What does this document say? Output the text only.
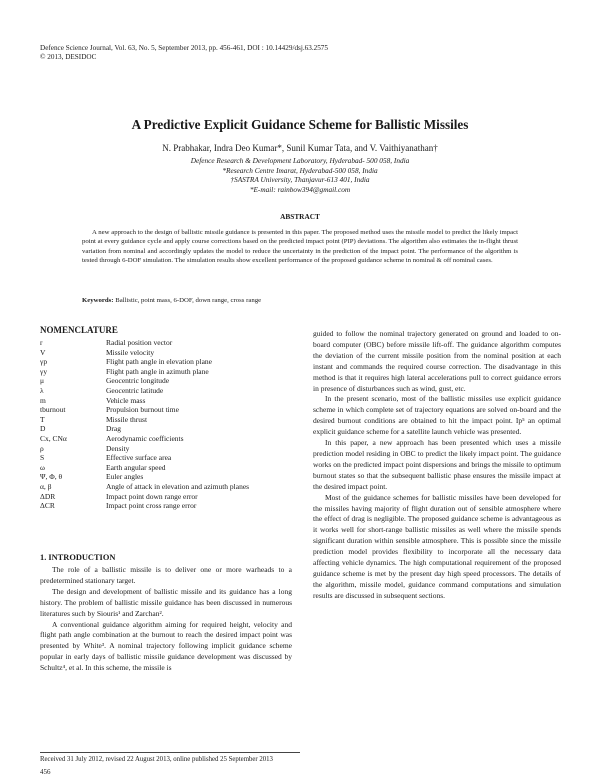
Defence Science Journal, Vol. 63, No. 5, September 2013, pp. 456-461, DOI : 10.14429/dsj.63.2575
© 2013, DESIDOC
A Predictive Explicit Guidance Scheme for Ballistic Missiles
N. Prabhakar, Indra Deo Kumar*, Sunil Kumar Tata, and V. Vaithiyanathan†
Defence Research & Development Laboratory, Hyderabad- 500 058, India
*Research Centre Imarat, Hyderabad-500 058, India
†SASTRA University, Thanjavur-613 401, India
*E-mail: rainbow394@gmail.com
ABSTRACT
A new approach to the design of ballistic missile guidance is presented in this paper. The proposed method uses the missile model to predict the likely impact point at every guidance cycle and apply course corrections based on the predicted impact point (PIP) deviations. The algorithm also estimates the in-flight thrust variation from nominal and accordingly updates the model to reduce the uncertainty in the prediction of the impact point. The performance of the algorithm is tested through 6-DOF simulation. The simulation results show excellent performance of the proposed guidance scheme in nominal & off nominal cases.
Keywords: Ballistic, point mass, 6-DOF, down range, cross range
NOMENCLATURE
r	Radial position vector
V	Missile velocity
γp	Flight path angle in elevation plane
γy	Flight path angle in azimuth plane
μ	Geocentric longitude
λ	Geocentric latitude
m	Vehicle mass
tburnout	Propulsion burnout time
T	Missile thrust
D	Drag
Cx, CNα	Aerodynamic coefficients
ρ	Density
S	Effective surface area
ω	Earth angular speed
Ψ, Φ, θ	Euler angles
α, β	Angle of attack in elevation and azimuth planes
ΔDR	Impact point down range error
ΔCR	Impact point cross range error
1. INTRODUCTION

The role of a ballistic missile is to deliver one or more warheads to a predetermined stationary target.

The design and development of ballistic missile and its guidance has a long history. The problem of ballistic missile guidance has been discussed in numerous literatures such by Siouris¹ and Zarchan².

A conventional guidance algorithm aiming for required height, velocity and flight path angle combination at the burnout to reach the desired impact point was presented by White³. A nominal trajectory following implicit guidance scheme popular in early days of ballistic missile guidance development was discussed by Schultz⁴, et al. In this scheme, the missile is

guided to follow the nominal trajectory generated on ground and loaded to on-board computer (OBC) before missile lift-off. The guidance algorithm computes the deviation of the current missile position from the nominal position at each instant and commands the required course correction. The disadvantage in this method is that it requires high lateral accelerations pull to correct guidance errors in presence of disturbances such as wind, gust, etc.

In the present scenario, most of the ballistic missiles use explicit guidance scheme in which complete set of trajectory equations are solved on-board and the desired burnout conditions are obtained to hit the impact point. Ip⁵ an optimal explicit guidance scheme for a satellite launch vehicle was presented.

In this paper, a new approach has been presented which uses a missile prediction model residing in OBC to predict the likely impact point. The guidance works on the predicted impact point dispersions and brings the missile to optimum burnout states so that the subsequent ballistic phase ensures the missile impact at the desired impact point.

Most of the guidance schemes for ballistic missiles have been developed for the missiles having majority of flight duration out of sensible atmosphere where the effect of drag is negligible. The proposed guidance scheme is advantageous as it works well for short-range ballistic missiles as well where the missile spends significant duration within sensible atmosphere. This is possible since the missile prediction model provides flexibility to incorporate all the necessary data affecting vehicle dynamics. The high computational requirement of the proposed guidance scheme is met by the present day high speed processors. The details of the algorithm, missile model, guidance command computations and simulation results are discussed in subsequent sections.

Received 31 July 2012, revised 22 August 2013, online published 25 September 2013
456
